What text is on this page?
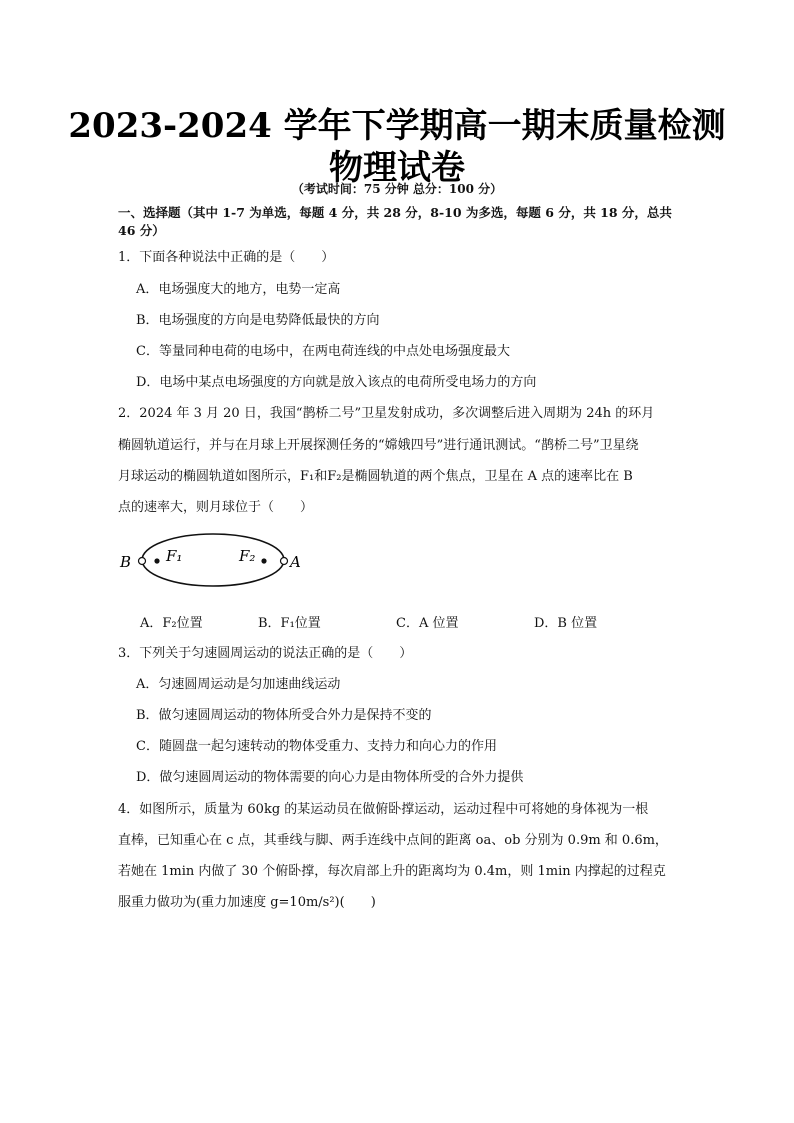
2023-2024 学年下学期高一期末质量检测
物理试卷
（考试时间：75 分钟 总分：100 分）
一、选择题（其中 1-7 为单选，每题 4 分，共 28 分，8-10 为多选，每题 6 分，共 18 分，总共 46 分）
1．下面各种说法中正确的是（　　）
A．电场强度大的地方，电势一定高
B．电场强度的方向是电势降低最快的方向
C．等量同种电荷的电场中，在两电荷连线的中点处电场强度最大
D．电场中某点电场强度的方向就是放入该点的电荷所受电场力的方向
2．2024 年 3 月 20 日，我国“鹊桥二号”卫星发射成功，多次调整后进入周期为 24h 的环月
椭圆轨道运行，并与在月球上开展探测任务的“嫦娥四号”进行通讯测试。“鹊桥二号”卫星绕
月球运动的椭圆轨道如图所示，F₁和F₂是椭圆轨道的两个焦点，卫星在 A 点的速率比在 B
点的速率大，则月球位于（　　）
B	A
F₁	F₂
A．F₂位置	B．F₁位置	C．A 位置	D．B 位置
3．下列关于匀速圆周运动的说法正确的是（　　）
A．匀速圆周运动是匀加速曲线运动
B．做匀速圆周运动的物体所受合外力是保持不变的
C．随圆盘一起匀速转动的物体受重力、支持力和向心力的作用
D．做匀速圆周运动的物体需要的向心力是由物体所受的合外力提供
4．如图所示，质量为 60kg 的某运动员在做俯卧撑运动，运动过程中可将她的身体视为一根
直棒，已知重心在 c 点，其垂线与脚、两手连线中点间的距离 oa、ob 分别为 0.9m 和 0.6m，
若她在 1min 内做了 30 个俯卧撑，每次肩部上升的距离均为 0.4m，则 1min 内撑起的过程克
服重力做功为(重力加速度 g=10m/s²)(　　)
